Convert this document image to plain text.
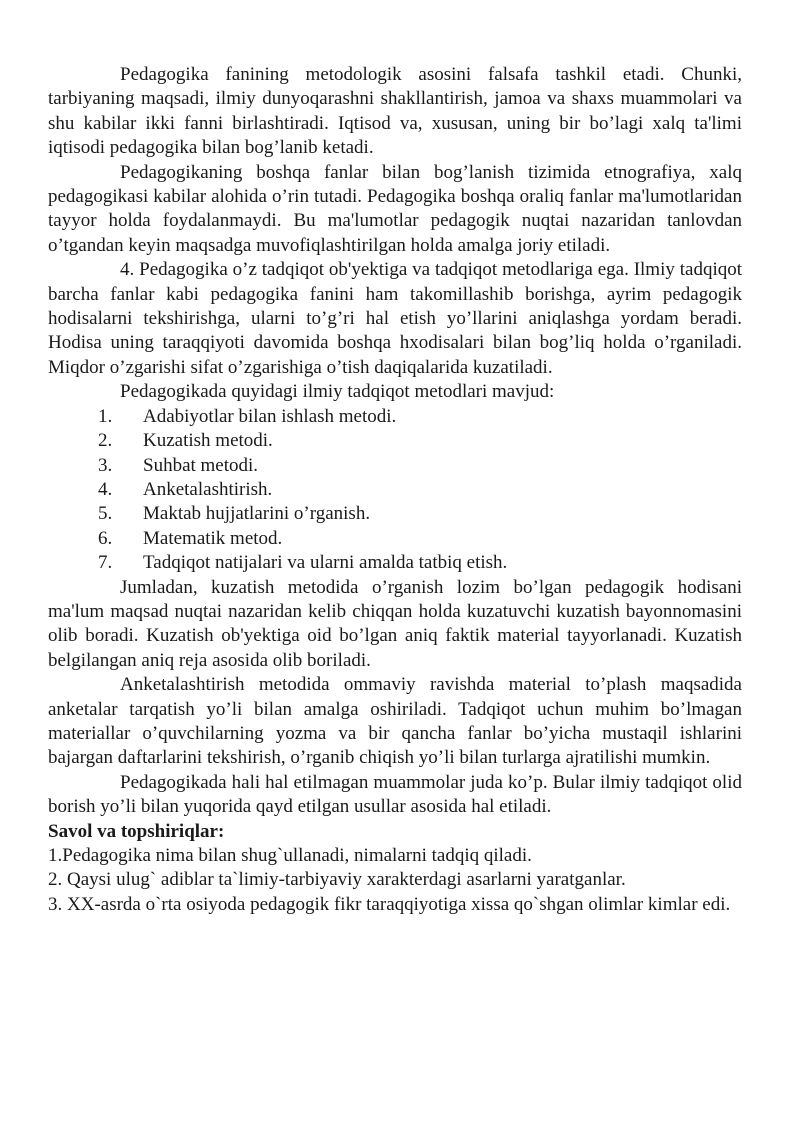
Pedagogika fanining metodologik asosini falsafa tashkil etadi. Chunki, tarbiyaning maqsadi, ilmiy dunyoqarashni shakllantirish, jamoa va shaxs muammolari va shu kabilar ikki fanni birlashtiradi. Iqtisod va, xususan, uning bir bo’lagi xalq ta'limi iqtisodi pedagogika bilan bog’lanib ketadi.

Pedagogikaning boshqa fanlar bilan bog’lanish tizimida etnografiya, xalq pedagogikasi kabilar alohida o’rin tutadi. Pedagogika boshqa oraliq fanlar ma'lumotlaridan tayyor holda foydalanmaydi. Bu ma'lumotlar pedagogik nuqtai nazaridan tanlovdan o’tgandan keyin maqsadga muvofiqlashtirilgan holda amalga joriy etiladi.

4. Pedagogika o’z tadqiqot ob'yektiga va tadqiqot metodlariga ega. Ilmiy tadqiqot barcha fanlar kabi pedagogika fanini ham takomillashib borishga, ayrim pedagogik hodisalarni tekshirishga, ularni to’g’ri hal etish yo’llarini aniqlashga yordam beradi. Hodisa uning taraqqiyoti davomida boshqa hxodisalari bilan bog’liq holda o’rganiladi. Miqdor o’zgarishi sifat o’zgarishiga o’tish daqiqalarida kuzatiladi.

Pedagogikada quyidagi ilmiy tadqiqot metodlari mavjud:

1.	Adabiyotlar bilan ishlash metodi.
2.	Kuzatish metodi.
3.	Suhbat metodi.
4.	Anketalashtirish.
5.	Maktab hujjatlarini o’rganish.
6.	Matematik metod.
7.	Tadqiqot natijalari va ularni amalda tatbiq etish.

Jumladan, kuzatish metodida o’rganish lozim bo’lgan pedagogik hodisani ma'lum maqsad nuqtai nazaridan kelib chiqqan holda kuzatuvchi kuzatish bayonnomasini olib boradi. Kuzatish ob'yektiga oid bo’lgan aniq faktik material tayyorlanadi. Kuzatish belgilangan aniq reja asosida olib boriladi.

Anketalashtirish metodida ommaviy ravishda material to’plash maqsadida anketalar tarqatish yo’li bilan amalga oshiriladi. Tadqiqot uchun muhim bo’lmagan materiallar o’quvchilarning yozma va bir qancha fanlar bo’yicha mustaqil ishlarini bajargan daftarlarini tekshirish, o’rganib chiqish yo’li bilan turlarga ajratilishi mumkin.

Pedagogikada hali hal etilmagan muammolar juda ko’p. Bular ilmiy tadqiqot olid borish yo’li bilan yuqorida qayd etilgan usullar asosida hal etiladi.

Savol va topshiriqlar:

1.Pedagogika nima bilan shug`ullanadi, nimalarni tadqiq qiladi.

2. Qaysi ulug` adiblar ta`limiy-tarbiyaviy xarakterdagi asarlarni yaratganlar.

3. XX-asrda o`rta osiyoda pedagogik fikr taraqqiyotiga xissa qo`shgan olimlar kimlar edi.
